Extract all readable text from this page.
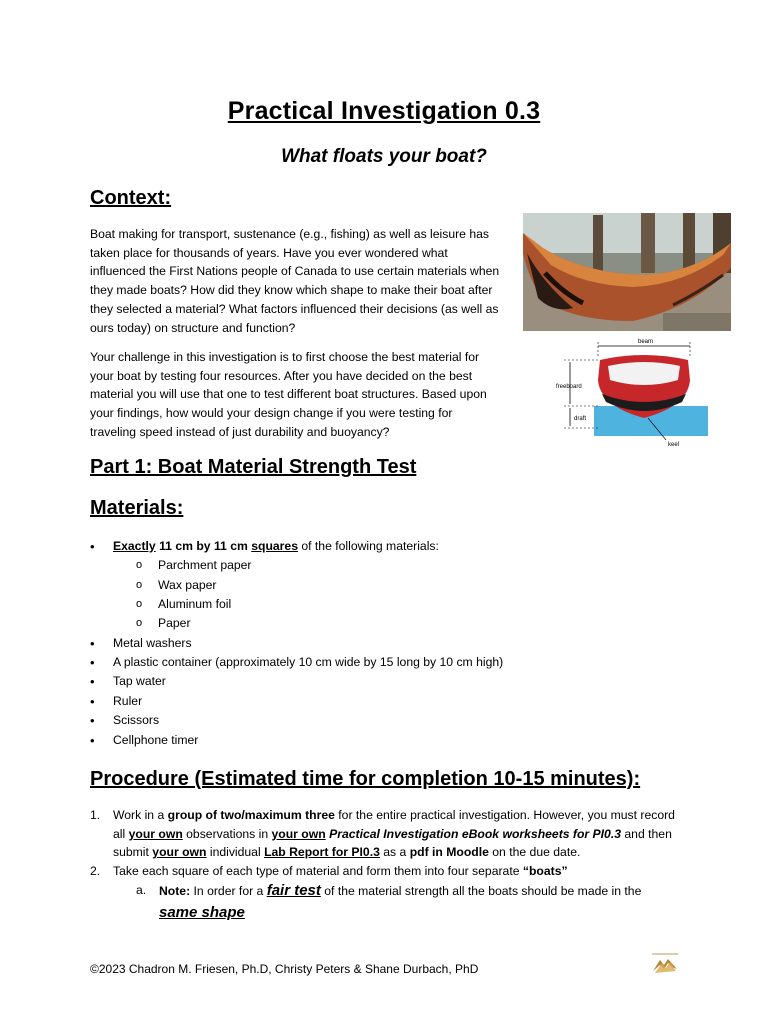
Practical Investigation 0.3
What floats your boat?
Context:

Boat making for transport, sustenance (e.g., fishing) as well as leisure has taken place for thousands of years. Have you ever wondered what influenced the First Nations people of Canada to use certain materials when they made boats? How did they know which shape to make their boat after they selected a material? What factors influenced their decisions (as well as ours today) on structure and function?

Your challenge in this investigation is to first choose the best material for your boat by testing four resources. After you have decided on the best material you will use that one to test different boat structures. Based upon your findings, how would your design change if you were testing for traveling speed instead of just durability and buoyancy?

beam
freeboard
draft
keel
Part 1: Boat Material Strength Test
Materials:
• Exactly 11 cm by 11 cm squares of the following materials:
o Parchment paper
o Wax paper
o Aluminum foil
o Paper
• Metal washers
• A plastic container (approximately 10 cm wide by 15 long by 10 cm high)
• Tap water
• Ruler
• Scissors
• Cellphone timer
Procedure (Estimated time for completion 10-15 minutes):
1. Work in a group of two/maximum three for the entire practical investigation. However, you must record all your own observations in your own Practical Investigation eBook worksheets for PI0.3 and then submit your own individual Lab Report for PI0.3 as a pdf in Moodle on the due date.
2. Take each square of each type of material and form them into four separate “boats”
a. Note: In order for a fair test of the material strength all the boats should be made in the same shape
©2023 Chadron M. Friesen, Ph.D, Christy Peters & Shane Durbach, PhD
